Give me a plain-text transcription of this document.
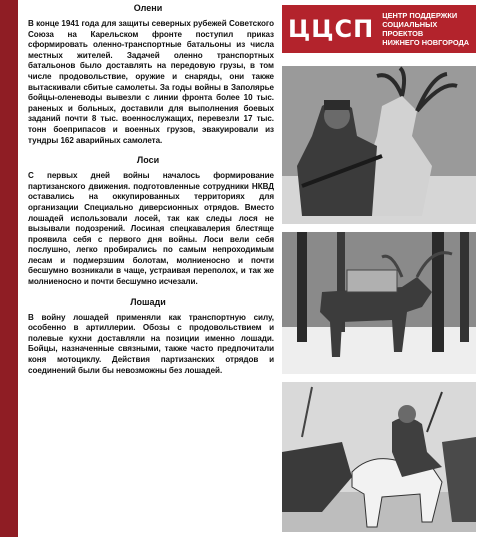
Олени
В конце 1941 года для защиты северных рубежей Советского Союза на Карельском фронте поступил приказ сформировать оленно-транспортные батальоны из числа местных жителей. Задачей оленно транспортных батальонов было доставлять на передовую грузы, в том числе продовольствие, оружие и снаряды, они также вытаскивали сбитые самолеты. За годы войны в Заполярье бойцы-оленеводы вывезли с линии фронта более 10 тыс. раненых и больных, доставили для выполнения боевых заданий почти 8 тыс. военнослужащих, перевезли 17 тыс. тонн боеприпасов и военных грузов, эвакуировали из тундры 162 аварийных самолета.
Лоси
С первых дней войны началось формирование партизанского движения. подготовленные сотрудники НКВД оставались на оккупированных территориях для организации Специально диверсионных отрядов. Вместо лошадей использовали лосей, так как следы лося не вызывали подозрений. Лосиная спецкавалерия блестяще проявила себя с первого дня войны. Лоси вели себя послушно, легко пробирались по самым непроходимым лесам и подмерзшим болотам, молниеносно и почти бесшумно возникали в чаще, устраивая переполох, и так же молниеносно и почти бесшумно исчезали.
Лошади
В войну лошадей применяли как транспортную силу, особенно в артиллерии. Обозы с продовольствием и полевые кухни доставляли на позиции именно лошади. Бойцы, назначенные связными, также часто предпочитали коня мотоциклу. Действия партизанских отрядов и соединений были бы невозможны без лошадей.
ЦЦСП ЦЕНТР ПОДДЕРЖКИ
СОЦИАЛЬНЫХ ПРОЕКТОВ
НИЖНЕГО НОВГОРОДА
